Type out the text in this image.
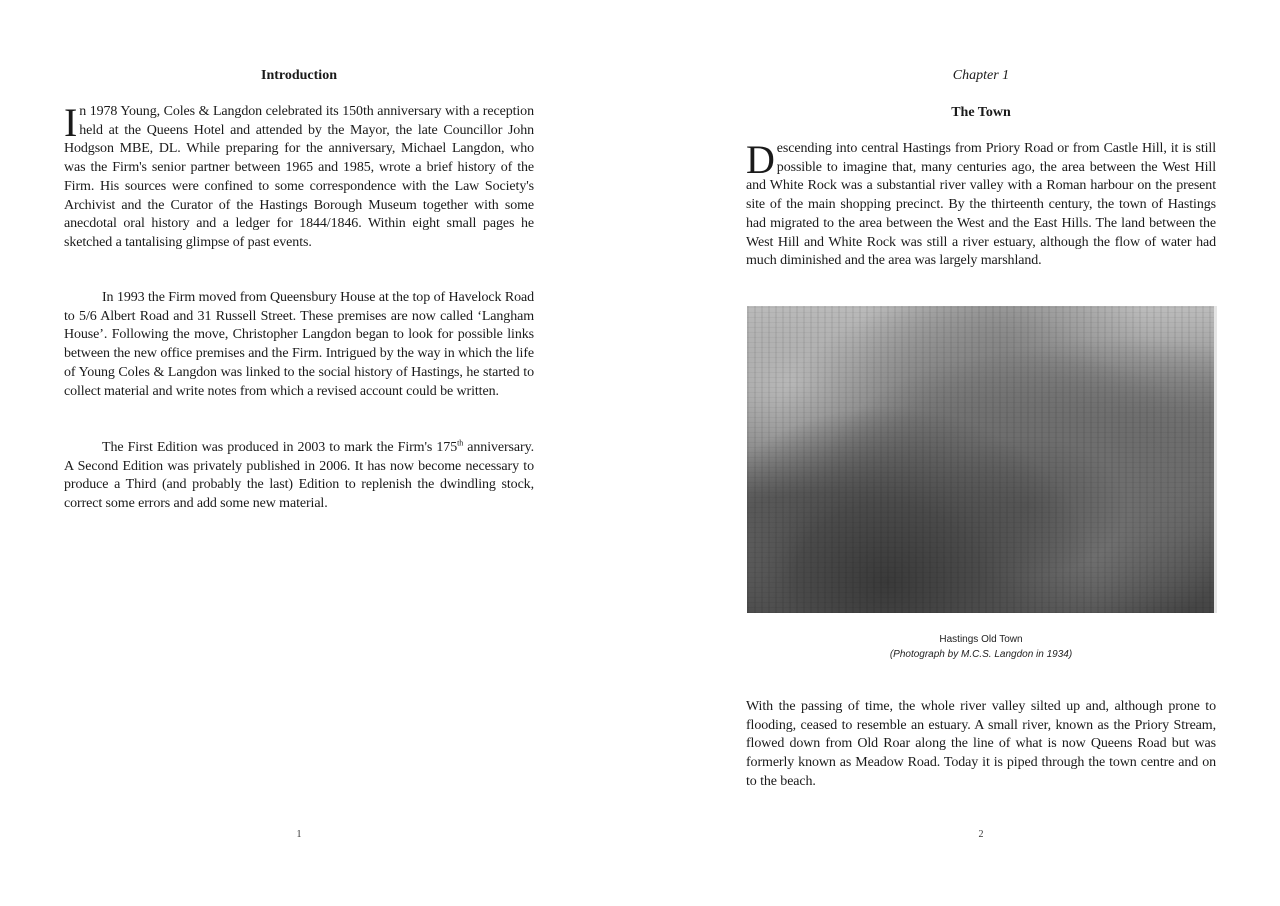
Introduction

In 1978 Young, Coles & Langdon celebrated its 150th anniversary with a reception held at the Queens Hotel and attended by the Mayor, the late Councillor John Hodgson MBE, DL. While preparing for the anniversary, Michael Langdon, who was the Firm's senior partner between 1965 and 1985, wrote a brief history of the Firm. His sources were confined to some correspondence with the Law Society's Archivist and the Curator of the Hastings Borough Museum together with some anecdotal oral history and a ledger for 1844/1846. Within eight small pages he sketched a tantalising glimpse of past events.

In 1993 the Firm moved from Queensbury House at the top of Havelock Road to 5/6 Albert Road and 31 Russell Street. These premises are now called ‘Langham House’. Following the move, Christopher Langdon began to look for possible links between the new office premises and the Firm. Intrigued by the way in which the life of Young Coles & Langdon was linked to the social history of Hastings, he started to collect material and write notes from which a revised account could be written.

The First Edition was produced in 2003 to mark the Firm's 175th anniversary. A Second Edition was privately published in 2006. It has now become necessary to produce a Third (and probably the last) Edition to replenish the dwindling stock, correct some errors and add some new material.

1
Chapter 1
The Town

Descending into central Hastings from Priory Road or from Castle Hill, it is still possible to imagine that, many centuries ago, the area between the West Hill and White Rock was a substantial river valley with a Roman harbour on the present site of the main shopping precinct. By the thirteenth century, the town of Hastings had migrated to the area between the West and the East Hills. The land between the West Hill and White Rock was still a river estuary, although the flow of water had much diminished and the area was largely marshland.

Hastings Old Town
(Photograph by M.C.S. Langdon in 1934)

With the passing of time, the whole river valley silted up and, although prone to flooding, ceased to resemble an estuary. A small river, known as the Priory Stream, flowed down from Old Roar along the line of what is now Queens Road but was formerly known as Meadow Road. Today it is piped through the town centre and on to the beach.

2
